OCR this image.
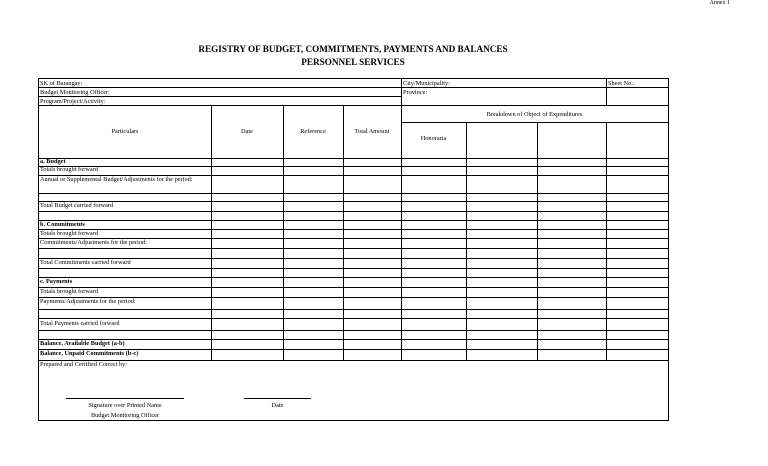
Annex 1
REGISTRY OF BUDGET, COMMITMENTS, PAYMENTS AND BALANCES
PERSONNEL SERVICES
SK of Barangay:	City/Municipality:	Sheet No.:
Budget Monitoring Officer:	Province:
Program/Project/Activity:
Particulars	Date	Reference	Total Amount
Breakdown of Object of Expenditures
Honoraria
a. Budget
Totals brought forward
Annual or Supplemental Budget/Adjustments for the period:
Total Budget carried forward
b. Commitments
Totals brought forward
Commitments/Adjustments for the period:
Total Commitments carried forward
c. Payments
Totals brought forward
Payments/Adjustments for the period:
Total Payments carried forward
Balance, Available Budget (a-b)
Balance, Unpaid Commitments (b-c)
Prepared and Certified Correct by:
Signature over Printed Name
Budget Monitoring Officer
Date
